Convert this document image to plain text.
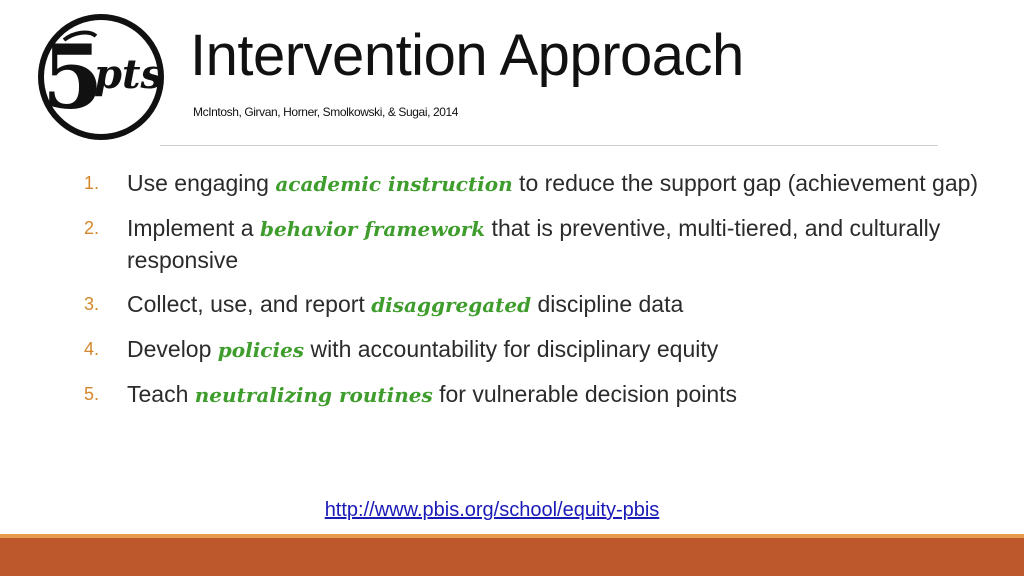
5
pts Intervention Approach
McIntosh, Girvan, Horner, Smolkowski, & Sugai, 2014
1.	Use engaging academic instruction to reduce the support gap (achievement gap)
2.	Implement a behavior framework that is preventive, multi-tiered, and culturally responsive
3.	Collect, use, and report disaggregated discipline data
4.	Develop policies with accountability for disciplinary equity
5.	Teach neutralizing routines for vulnerable decision points
http://www.pbis.org/school/equity-pbis
